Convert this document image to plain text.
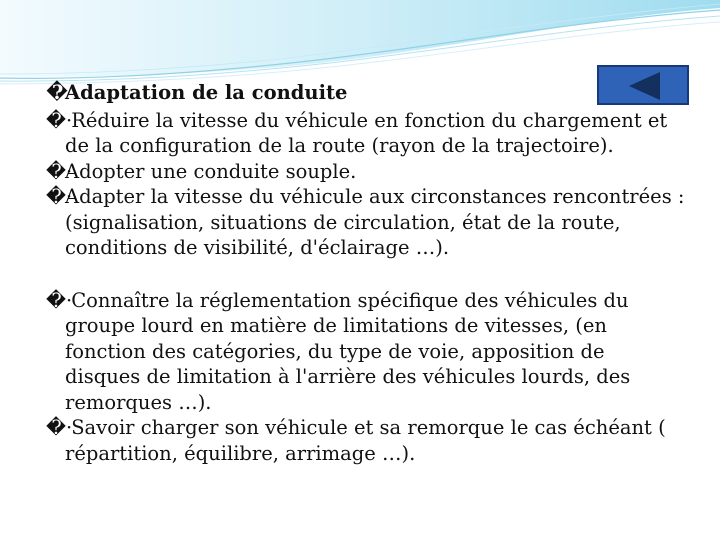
�Adaptation de la conduite

�· Réduire la vitesse du véhicule en fonction du chargement et de la configuration de la route (rayon de la trajectoire).

�·Adopter une conduite souple.

�·Adapter la vitesse du véhicule aux circonstances rencontrées : (signalisation, situations de circulation, état de la route, conditions de visibilité, d'éclairage …).

�· Connaître la réglementation spécifique des véhicules du groupe lourd en matière de limitations de vitesses, (en fonction des catégories, du type de voie, apposition de disques de limitation à l'arrière des véhicules lourds, des remorques …).

�· Savoir charger son véhicule et sa remorque le cas échéant ( répartition, équilibre, arrimage …).
